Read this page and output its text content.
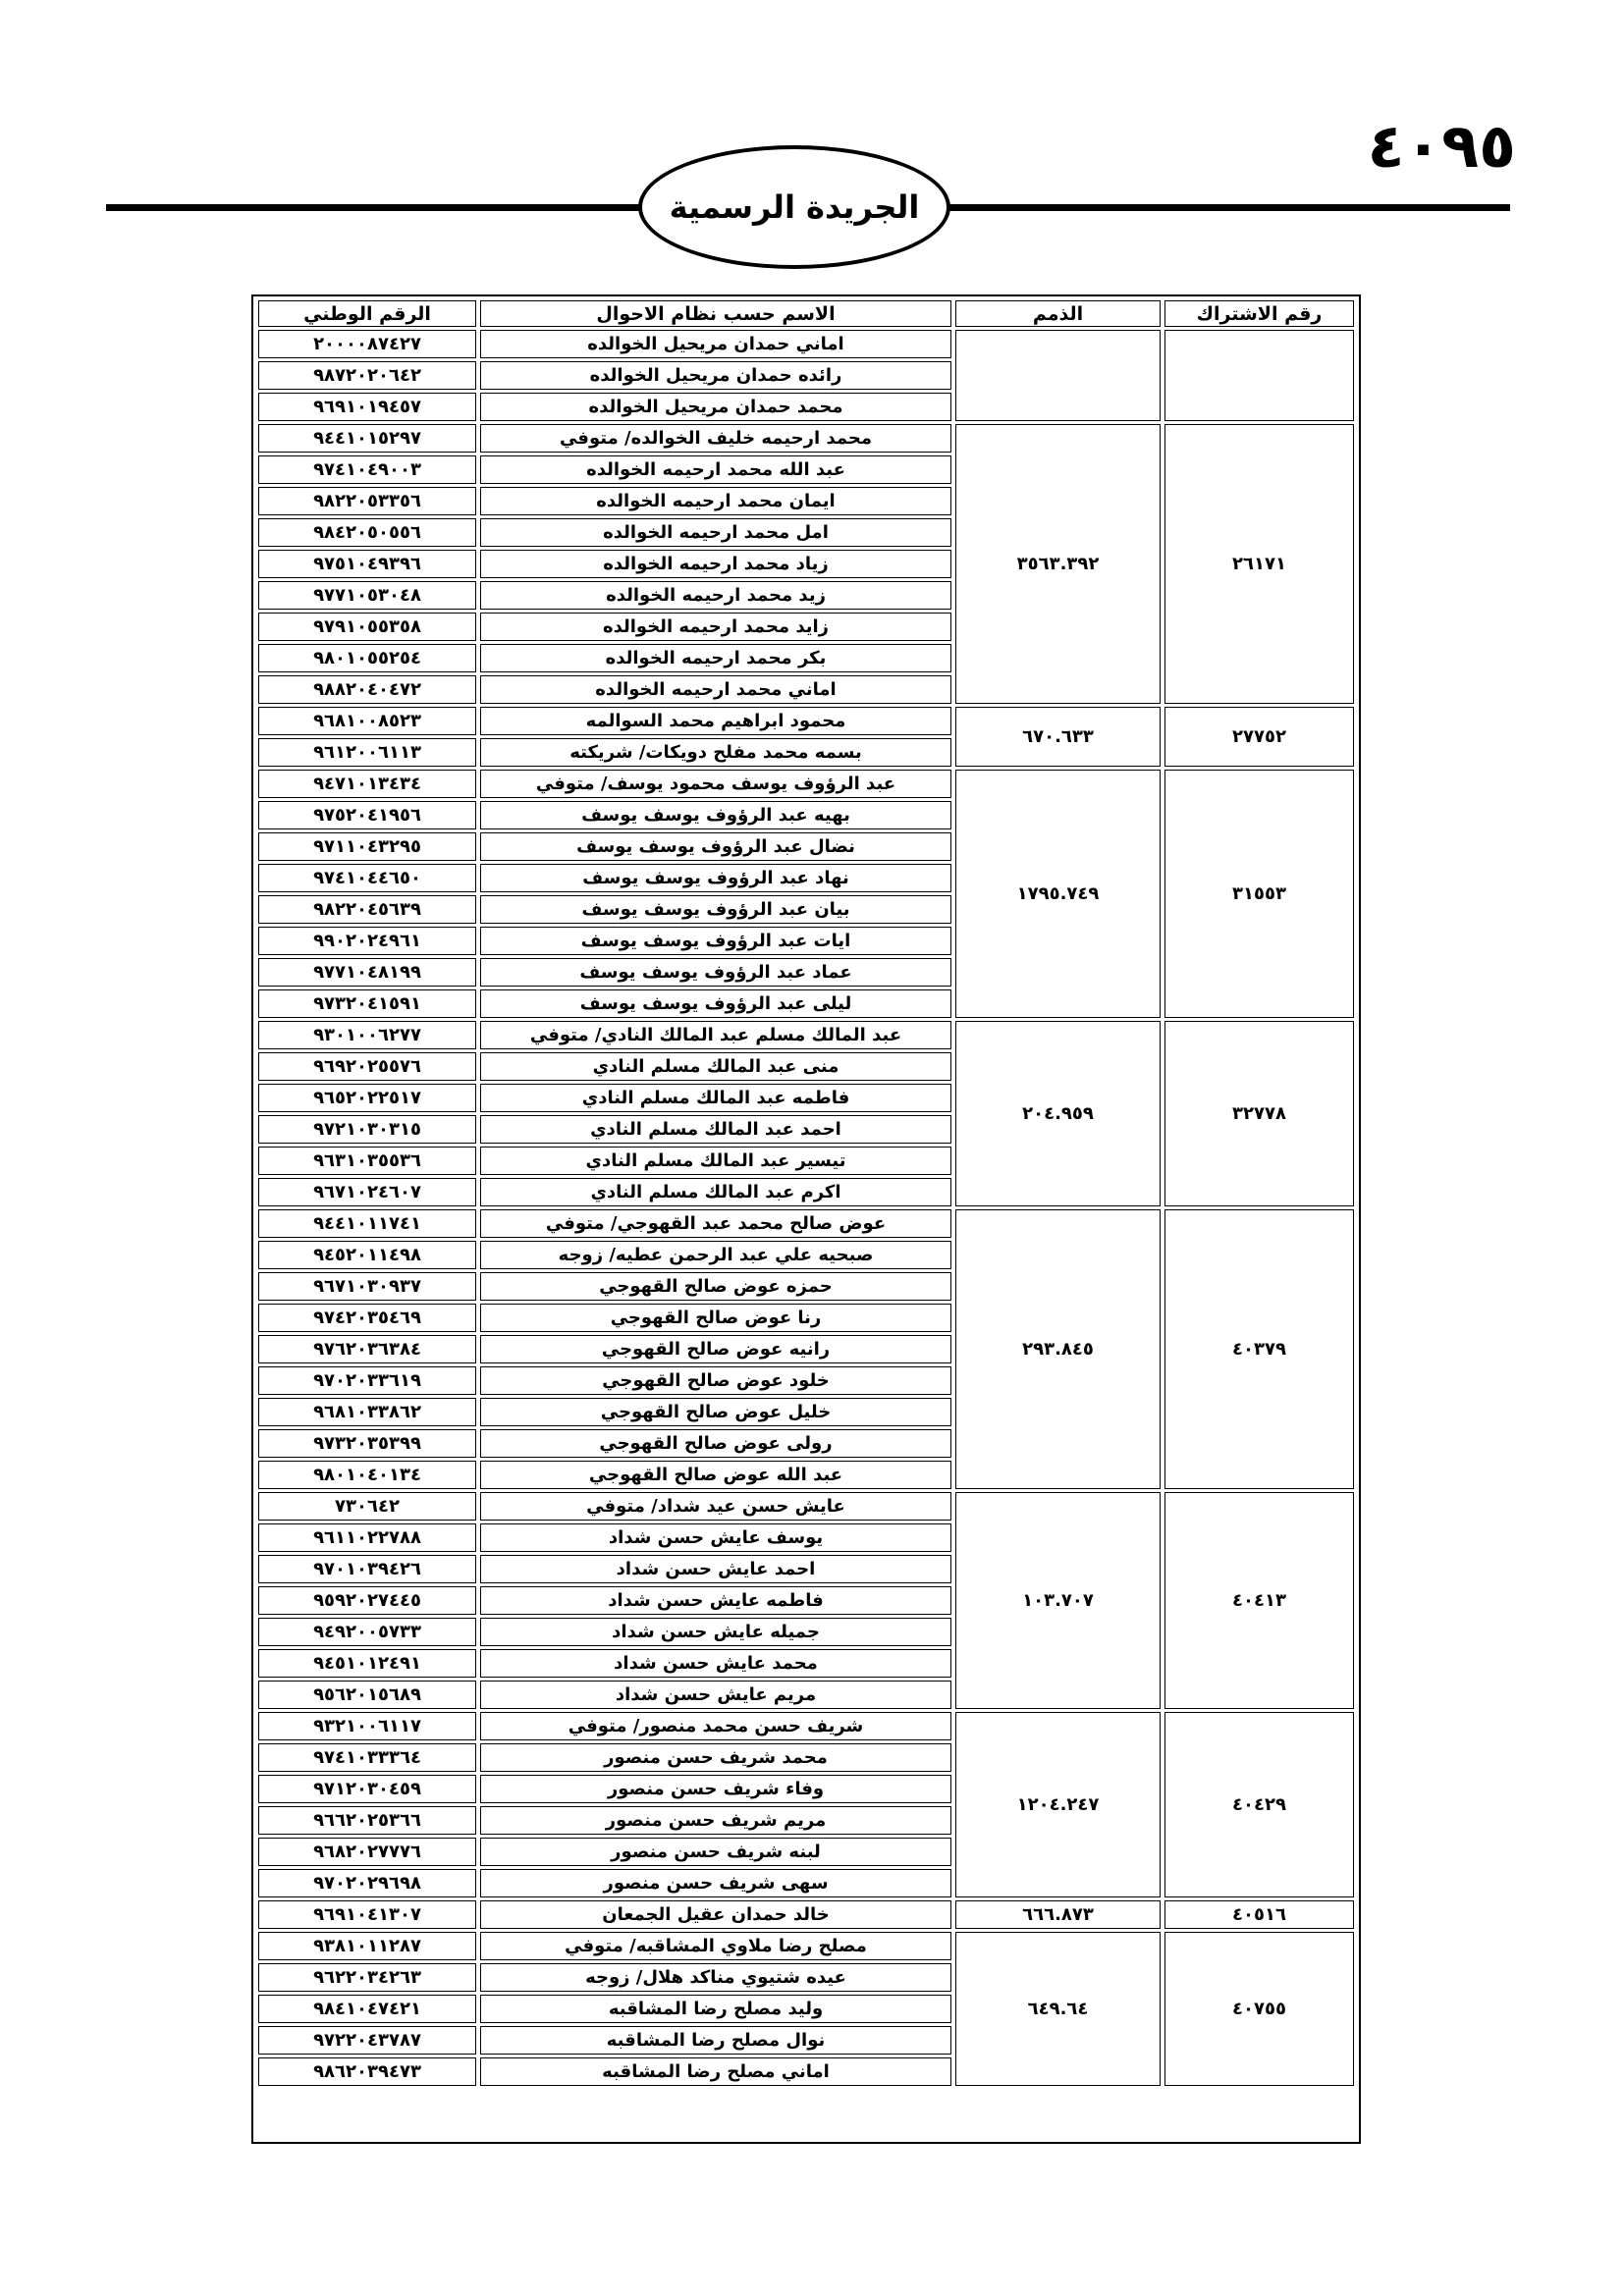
٤٠٩٥
الجريدة الرسمية
رقم الاشتراك	الذمم	الاسم حسب نظام الاحوال	الرقم الوطني
		اماني حمدان مريحيل الخوالده	٢٠٠٠٠٨٧٤٢٧
		رائده حمدان مريحيل الخوالده	٩٨٧٢٠٢٠٦٤٢
		محمد حمدان مريحيل الخوالده	٩٦٩١٠١٩٤٥٧
٢٦١٧١	٣٥٦٣.٣٩٢	محمد ارحيمه خليف الخوالده/ متوفي	٩٤٤١٠١٥٢٩٧
		عبد الله محمد ارحيمه الخوالده	٩٧٤١٠٤٩٠٠٣
		ايمان محمد ارحيمه الخوالده	٩٨٢٢٠٥٣٣٥٦
		امل محمد ارحيمه الخوالده	٩٨٤٢٠٥٠٥٥٦
		زياد محمد ارحيمه الخوالده	٩٧٥١٠٤٩٣٩٦
		زيد محمد ارحيمه الخوالده	٩٧٧١٠٥٣٠٤٨
		زايد محمد ارحيمه الخوالده	٩٧٩١٠٥٥٣٥٨
		بكر محمد ارحيمه الخوالده	٩٨٠١٠٥٥٢٥٤
		اماني محمد ارحيمه الخوالده	٩٨٨٢٠٤٠٤٧٢
٢٧٧٥٢	٦٧٠.٦٣٣	محمود ابراهيم محمد السوالمه	٩٦٨١٠٠٨٥٢٣
		بسمه محمد مفلح دويكات/ شريكته	٩٦١٢٠٠٦١١٣
٣١٥٥٣	١٧٩٥.٧٤٩	عبد الرؤوف يوسف محمود يوسف/ متوفي	٩٤٧١٠١٣٤٣٤
		بهيه عبد الرؤوف يوسف يوسف	٩٧٥٢٠٤١٩٥٦
		نضال عبد الرؤوف يوسف يوسف	٩٧١١٠٤٣٢٩٥
		نهاد عبد الرؤوف يوسف يوسف	٩٧٤١٠٤٤٦٥٠
		بيان عبد الرؤوف يوسف يوسف	٩٨٢٢٠٤٥٦٣٩
		ايات عبد الرؤوف يوسف يوسف	٩٩٠٢٠٢٤٩٦١
		عماد عبد الرؤوف يوسف يوسف	٩٧٧١٠٤٨١٩٩
		ليلى عبد الرؤوف يوسف يوسف	٩٧٣٢٠٤١٥٩١
٣٢٧٧٨	٢٠٤.٩٥٩	عبد المالك مسلم عبد المالك النادي/ متوفي	٩٣٠١٠٠٦٢٧٧
		منى عبد المالك مسلم النادي	٩٦٩٢٠٢٥٥٧٦
		فاطمه عبد المالك مسلم النادي	٩٦٥٢٠٢٢٥١٧
		احمد عبد المالك مسلم النادي	٩٧٢١٠٣٠٣١٥
		تيسير عبد المالك مسلم النادي	٩٦٣١٠٣٥٥٣٦
		اكرم عبد المالك مسلم النادي	٩٦٧١٠٢٤٦٠٧
٤٠٣٧٩	٢٩٣.٨٤٥	عوض صالح محمد عبد القهوجي/ متوفي	٩٤٤١٠١١٧٤١
		صبحيه علي عبد الرحمن عطيه/ زوجه	٩٤٥٢٠١١٤٩٨
		حمزه عوض صالح القهوجي	٩٦٧١٠٣٠٩٣٧
		رنا عوض صالح القهوجي	٩٧٤٢٠٣٥٤٦٩
		رانيه عوض صالح القهوجي	٩٧٦٢٠٣٦٣٨٤
		خلود عوض صالح القهوجي	٩٧٠٢٠٣٣٦١٩
		خليل عوض صالح القهوجي	٩٦٨١٠٣٣٨٦٢
		رولى عوض صالح القهوجي	٩٧٣٢٠٣٥٣٩٩
		عبد الله عوض صالح القهوجي	٩٨٠١٠٤٠١٣٤
٤٠٤١٣	١٠٣.٧٠٧	عايش حسن عيد شداد/ متوفي	٧٣٠٦٤٢
		يوسف عايش حسن شداد	٩٦١١٠٢٢٧٨٨
		احمد عايش حسن شداد	٩٧٠١٠٣٩٤٢٦
		فاطمه عايش حسن شداد	٩٥٩٢٠٢٧٤٤٥
		جميله عايش حسن شداد	٩٤٩٢٠٠٥٧٣٣
		محمد عايش حسن شداد	٩٤٥١٠١٢٤٩١
		مريم عايش حسن شداد	٩٥٦٢٠١٥٦٨٩
٤٠٤٢٩	١٢٠٤.٢٤٧	شريف حسن محمد منصور/ متوفي	٩٣٢١٠٠٦١١٧
		محمد شريف حسن منصور	٩٧٤١٠٣٣٣٦٤
		وفاء شريف حسن منصور	٩٧١٢٠٣٠٤٥٩
		مريم شريف حسن منصور	٩٦٦٢٠٢٥٣٦٦
		لبنه شريف حسن منصور	٩٦٨٢٠٢٧٧٧٦
		سهى شريف حسن منصور	٩٧٠٢٠٢٩٦٩٨
٤٠٥١٦	٦٦٦.٨٧٣	خالد حمدان عقيل الجمعان	٩٦٩١٠٤١٣٠٧
٤٠٧٥٥	٦٤٩.٦٤	مصلح رضا ملاوي المشاقبه/ متوفي	٩٣٨١٠١١٢٨٧
		عيده شتيوي مناكد هلال/ زوجه	٩٦٢٢٠٣٤٢٦٣
		وليد مصلح رضا المشاقبه	٩٨٤١٠٤٧٤٢١
		نوال مصلح رضا المشاقبه	٩٧٢٢٠٤٣٧٨٧
		اماني مصلح رضا المشاقبه	٩٨٦٢٠٣٩٤٧٣
